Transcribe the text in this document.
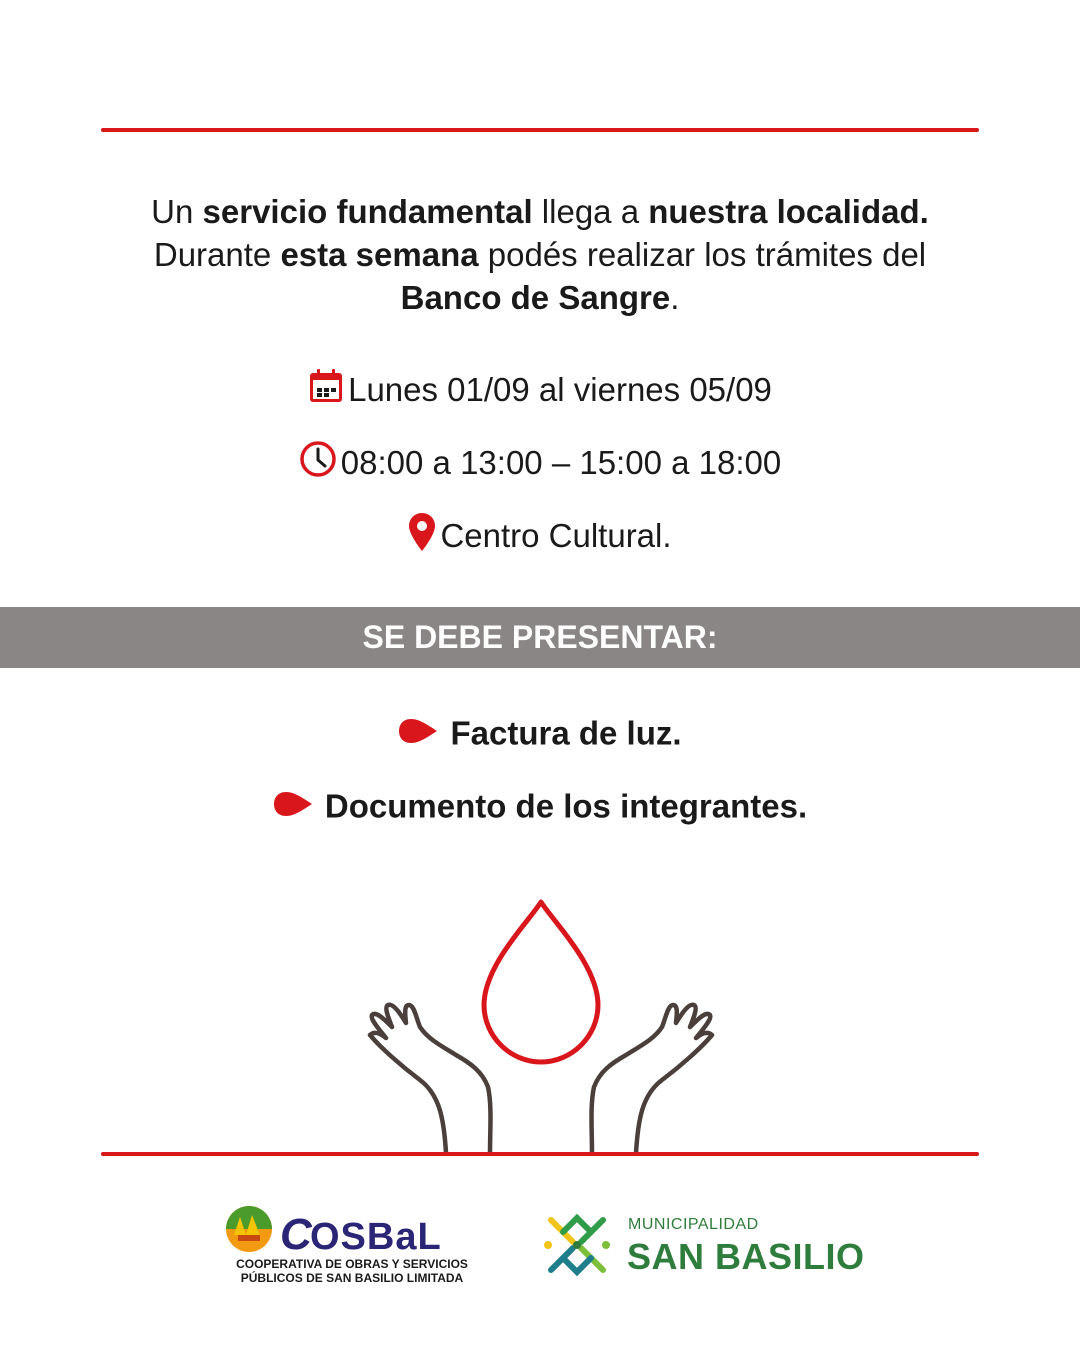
Un servicio fundamental llega a nuestra localidad.
Durante esta semana podés realizar los trámites del
Banco de Sangre.
Lunes 01/09 al viernes 05/09
08:00 a 13:00 – 15:00 a 18:00
Centro Cultural.
SE DEBE PRESENTAR:
Factura de luz.
Documento de los integrantes.
C
OSBaL
COOPERATIVA DE OBRAS Y SERVICIOS
PÚBLICOS DE SAN BASILIO LIMITADA
MUNICIPALIDAD
SAN BASILIO
